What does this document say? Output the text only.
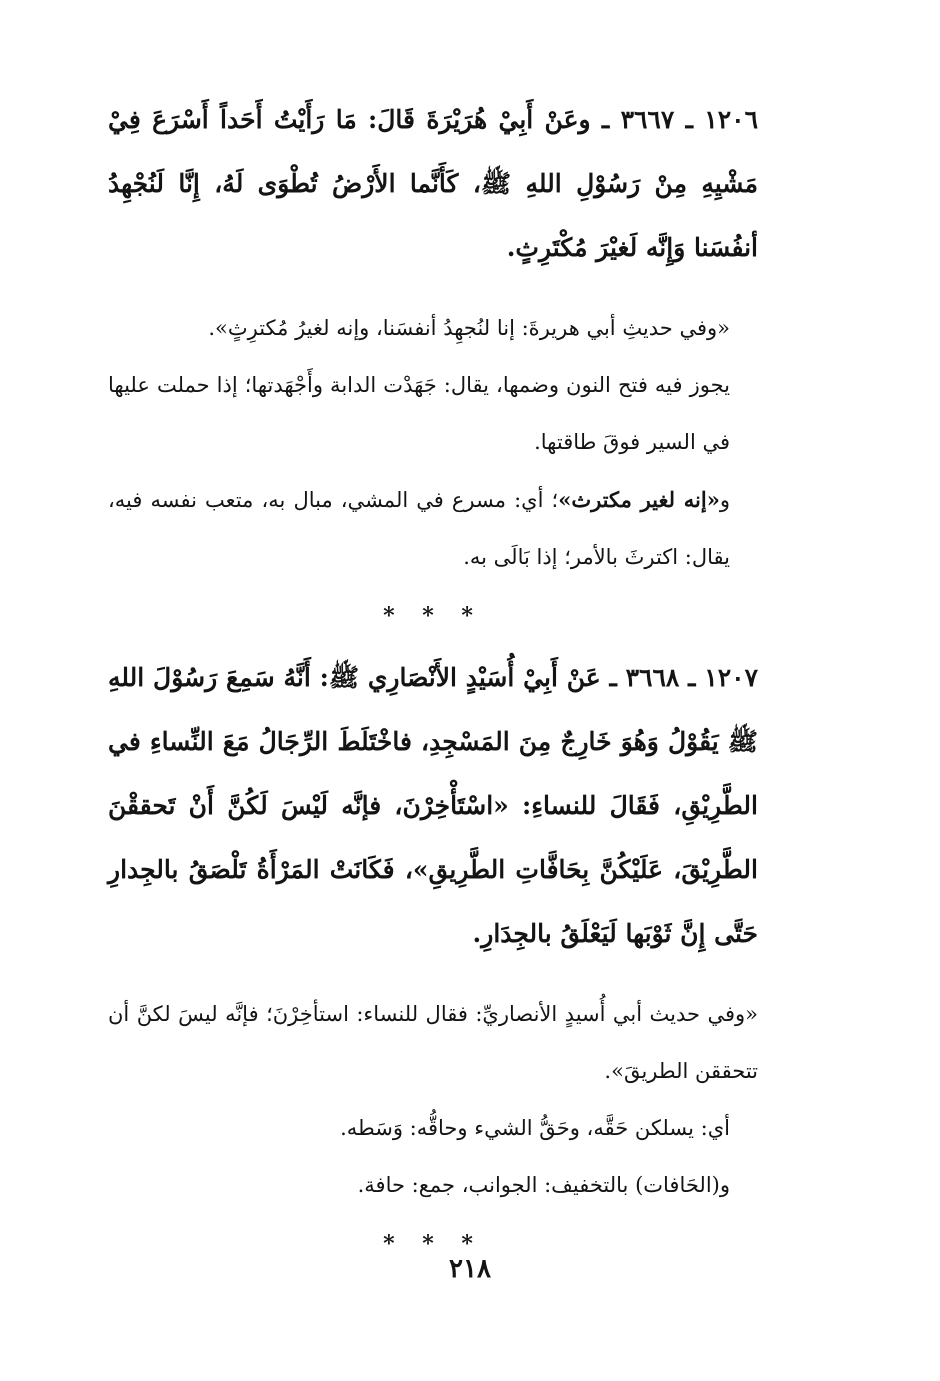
١٢٠٦ ـ ٣٦٦٧ ـ وعَنْ أَبِيْ هُرَيْرَةَ قَالَ: مَا رَأَيْتُ أَحَداً أَسْرَعَ فِيْ مَشْيِهِ مِنْ رَسُوْلِ اللهِ ﷺ، كَأَنَّما الأَرْضُ تُطْوَى لَهُ، إِنَّا لَنُجْهِدُ أنفُسَنا وَإِنَّه لَغيْرَ مُكْتَرِثٍ.

«وفي حديثِ أبي هريرةَ: إنا لنُجهِدُ أنفسَنا، وإنه لغيرُ مُكترِثٍ».

يجوز فيه فتح النون وضمها، يقال: جَهَدْت الدابة وأَجْهَدتها؛ إذا حملت عليها في السير فوقَ طاقتها.

و«إنه لغير مكترث»؛ أي: مسرع في المشي، مبال به، متعب نفسه فيه، يقال: اكترثَ بالأمر؛ إذا بَالَى به.

* * *

١٢٠٧ ـ ٣٦٦٨ ـ عَنْ أَبِيْ أُسَيْدٍ الأَنْصَارِي ﷺ: أَنَّهُ سَمِعَ رَسُوْلَ اللهِ ﷺ يَقُوْلُ وَهُوَ خَارِجٌ مِنَ المَسْجِدِ، فاخْتَلَطَ الرِّجَالُ مَعَ النِّساءِ في الطَّرِيْقِ، فَقَالَ للنساءِ: «اسْتَأْخِرْنَ، فإنَّه لَيْسَ لَكُنَّ أَنْ تَحققْنَ الطَّرِيْقَ، عَلَيْكُنَّ بِحَافَّاتِ الطَّرِيقِ»، فَكَانَتْ المَرْأَةُ تَلْصَقُ بالجِدارِ حَتَّى إِنَّ ثَوْبَها لَيَعْلَقُ بالجِدَارِ.

«وفي حديث أبي أُسيدٍ الأنصاريِّ: فقال للنساء: استأخِرْنَ؛ فإنَّه ليسَ لكنَّ أن تتحققن الطريقَ».

أي: يسلكن حَقَّه، وحَقُّ الشيء وحاقُّه: وَسَطه.

و(الحَافات) بالتخفيف: الجوانب، جمع: حافة.

* * *

٢١٨
